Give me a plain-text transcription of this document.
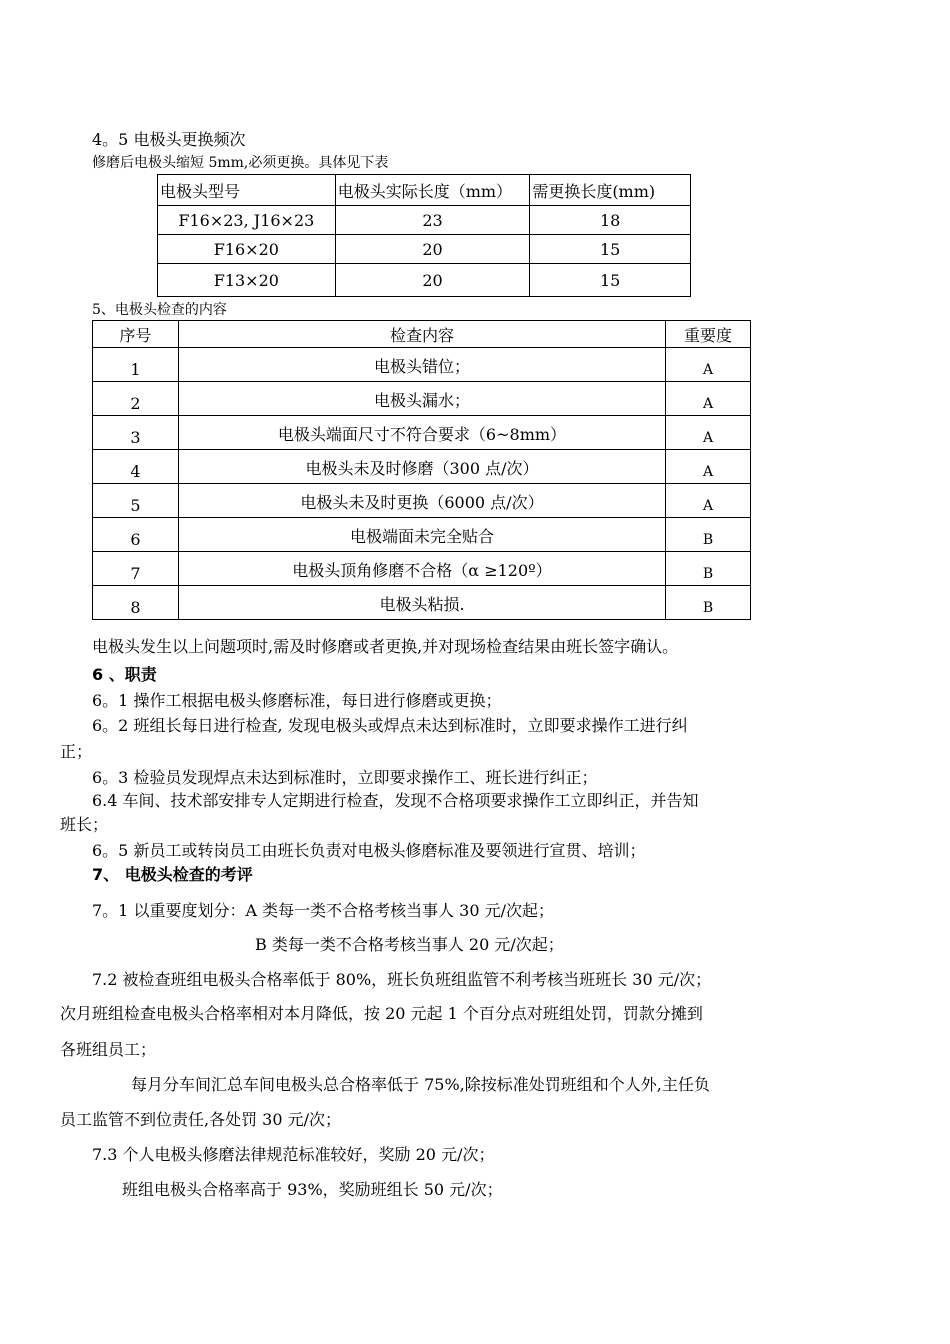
4。5 电极头更换频次
修磨后电极头缩短 5mm,必须更换。具体见下表
电极头型号	电极头实际长度（mm）	需更换长度(mm)
F16×23, J16×23	23	18
F16×20	20	15
F13×20	20	15
5、电极头检查的内容
序号	检查内容	重要度
1	电极头错位；	A
2	电极头漏水；	A
3	电极头端面尺寸不符合要求（6~8mm）	A
4	电极头未及时修磨（300 点/次）	A
5	电极头未及时更换（6000 点/次）	A
6	电极端面未完全贴合	B
7	电极头顶角修磨不合格（α ≥120º）	B
8	电极头粘损.	B
电极头发生以上问题项时,需及时修磨或者更换,并对现场检查结果由班长签字确认。
6 、职责
6。1 操作工根据电极头修磨标准，每日进行修磨或更换；
6。2 班组长每日进行检查, 发现电极头或焊点未达到标准时，立即要求操作工进行纠
正；
6。3 检验员发现焊点未达到标准时，立即要求操作工、班长进行纠正；
6.4 车间、技术部安排专人定期进行检查，发现不合格项要求操作工立即纠正，并告知
班长；
6。5 新员工或转岗员工由班长负责对电极头修磨标准及要领进行宣贯、培训；
7、 电极头检查的考评
7。1 以重要度划分：A 类每一类不合格考核当事人 30 元/次起；
B 类每一类不合格考核当事人 20 元/次起；
7.2 被检查班组电极头合格率低于 80%，班长负班组监管不利考核当班班长 30 元/次；
次月班组检查电极头合格率相对本月降低，按 20 元起 1 个百分点对班组处罚，罚款分摊到
各班组员工；
每月分车间汇总车间电极头总合格率低于 75%,除按标准处罚班组和个人外,主任负
员工监管不到位责任,各处罚 30 元/次；
7.3 个人电极头修磨法律规范标准较好，奖励 20 元/次；
班组电极头合格率高于 93%，奖励班组长 50 元/次；
